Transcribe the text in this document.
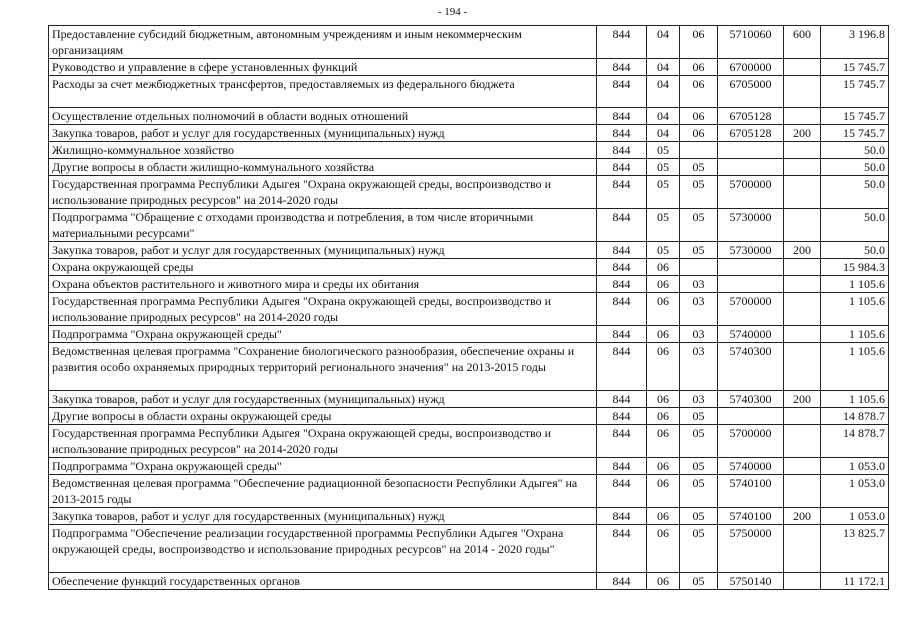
- 194 -
Предоставление субсидий бюджетным, автономным учреждениям и иным некоммерческим организациям	844	04	06	5710060	600	3 196.8
Руководство и управление в сфере установленных функций	844	04	06	6700000		15 745.7
Расходы за счет межбюджетных трансфертов, предоставляемых из федерального бюджета	844	04	06	6705000		15 745.7
Осуществление отдельных полномочий в области водных отношений	844	04	06	6705128		15 745.7
Закупка товаров, работ и услуг для государственных (муниципальных) нужд	844	04	06	6705128	200	15 745.7
Жилищно-коммунальное хозяйство	844	05				50.0
Другие вопросы в области жилищно-коммунального хозяйства	844	05	05			50.0
Государственная программа Республики Адыгея "Охрана окружающей среды, воспроизводство и использование природных ресурсов" на 2014-2020 годы	844	05	05	5700000		50.0
Подпрограмма "Обращение с отходами производства и потребления, в том числе вторичными материальными ресурсами"	844	05	05	5730000		50.0
Закупка товаров, работ и услуг для государственных (муниципальных) нужд	844	05	05	5730000	200	50.0
Охрана окружающей среды	844	06				15 984.3
Охрана объектов растительного и животного мира и среды их обитания	844	06	03			1 105.6
Государственная программа Республики Адыгея "Охрана окружающей среды, воспроизводство и использование природных ресурсов" на 2014-2020 годы	844	06	03	5700000		1 105.6
Подпрограмма "Охрана окружающей среды"	844	06	03	5740000		1 105.6
Ведомственная целевая программа "Сохранение биологического разнообразия, обеспечение охраны и развития особо охраняемых природных территорий регионального значения" на 2013-2015 годы	844	06	03	5740300		1 105.6
Закупка товаров, работ и услуг для государственных (муниципальных) нужд	844	06	03	5740300	200	1 105.6
Другие вопросы в области охраны окружающей среды	844	06	05			14 878.7
Государственная программа Республики Адыгея "Охрана окружающей среды, воспроизводство и использование природных ресурсов" на 2014-2020 годы	844	06	05	5700000		14 878.7
Подпрограмма "Охрана окружающей среды"	844	06	05	5740000		1 053.0
Ведомственная целевая программа "Обеспечение радиационной безопасности Республики Адыгея" на 2013-2015 годы	844	06	05	5740100		1 053.0
Закупка товаров, работ и услуг для государственных (муниципальных) нужд	844	06	05	5740100	200	1 053.0
Подпрограмма "Обеспечение реализации государственной программы Республики Адыгея "Охрана окружающей среды, воспроизводство и использование природных ресурсов" на 2014 - 2020 годы"	844	06	05	5750000		13 825.7
Обеспечение функций государственных органов	844	06	05	5750140		11 172.1
